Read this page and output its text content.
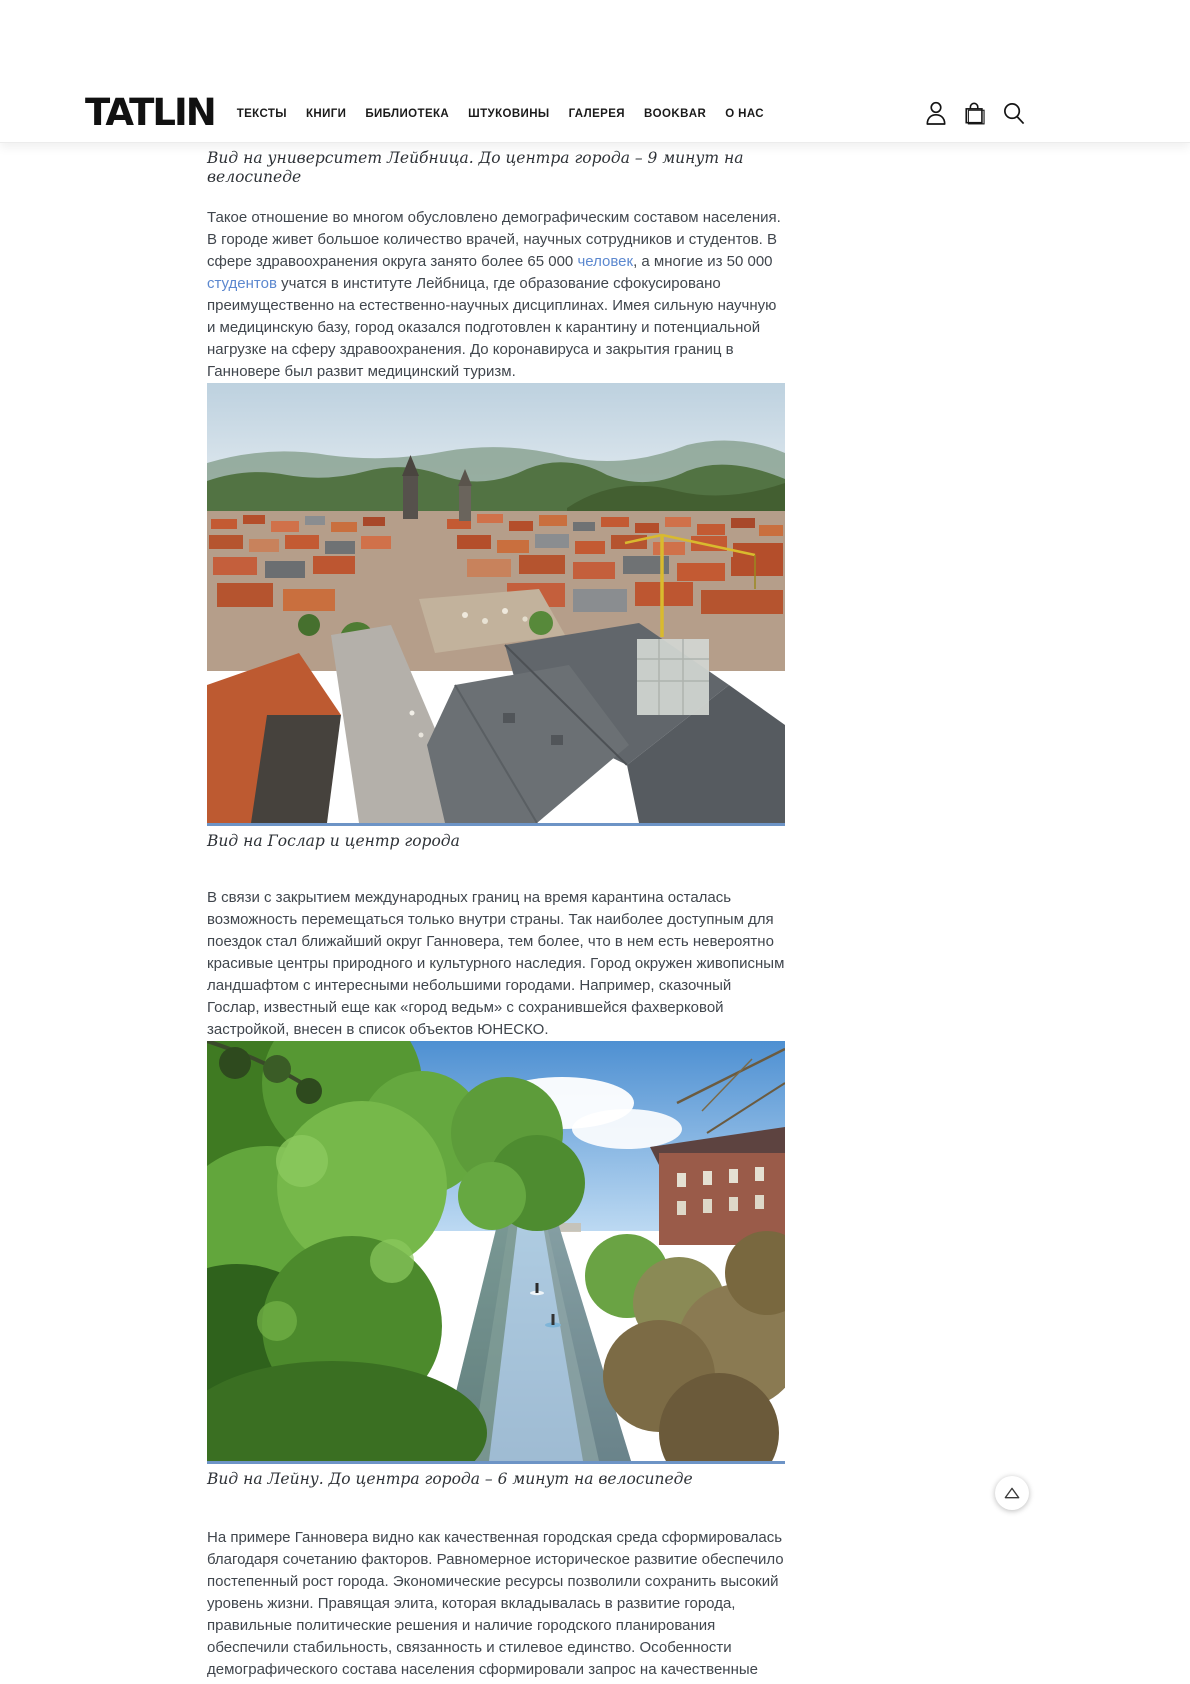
TATLIN ТЕКСТЫ КНИГИ БИБЛИОТЕКА ШТУКОВИНЫ ГАЛЕРЕЯ BOOKBAR О НАС
Вид на университет Лейбница. До центра города – 9 минут на велосипеде

Такое отношение во многом обусловлено демографическим составом населения. В городе живет большое количество врачей, научных сотрудников и студентов. В сфере здравоохранения округа занято более 65 000 человек, а многие из 50 000 студентов учатся в институте Лейбница, где образование сфокусировано преимущественно на естественно-научных дисциплинах. Имея сильную научную и медицинскую базу, город оказался подготовлен к карантину и потенциальной нагрузке на сферу здравоохранения. До коронавируса и закрытия границ в Ганновере был развит медицинский туризм.

Вид на Гослар и центр города

В связи с закрытием международных границ на время карантина осталась возможность перемещаться только внутри страны. Так наиболее доступным для поездок стал ближайший округ Ганновера, тем более, что в нем есть невероятно красивые центры природного и культурного наследия. Город окружен живописным ландшафтом с интересными небольшими городами. Например, сказочный Гослар, известный еще как «город ведьм» с сохранившейся фахверковой застройкой, внесен в список объектов ЮНЕСКО.

Вид на Лейну. До центра города – 6 минут на велосипеде

На примере Ганновера видно как качественная городская среда сформировалась благодаря сочетанию факторов. Равномерное историческое развитие обеспечило постепенный рост города. Экономические ресурсы позволили сохранить высокий уровень жизни. Правящая элита, которая вкладывалась в развитие города, правильные политические решения и наличие городского планирования обеспечили стабильность, связанность и стилевое единство. Особенности демографического состава населения сформировали запрос на качественные
